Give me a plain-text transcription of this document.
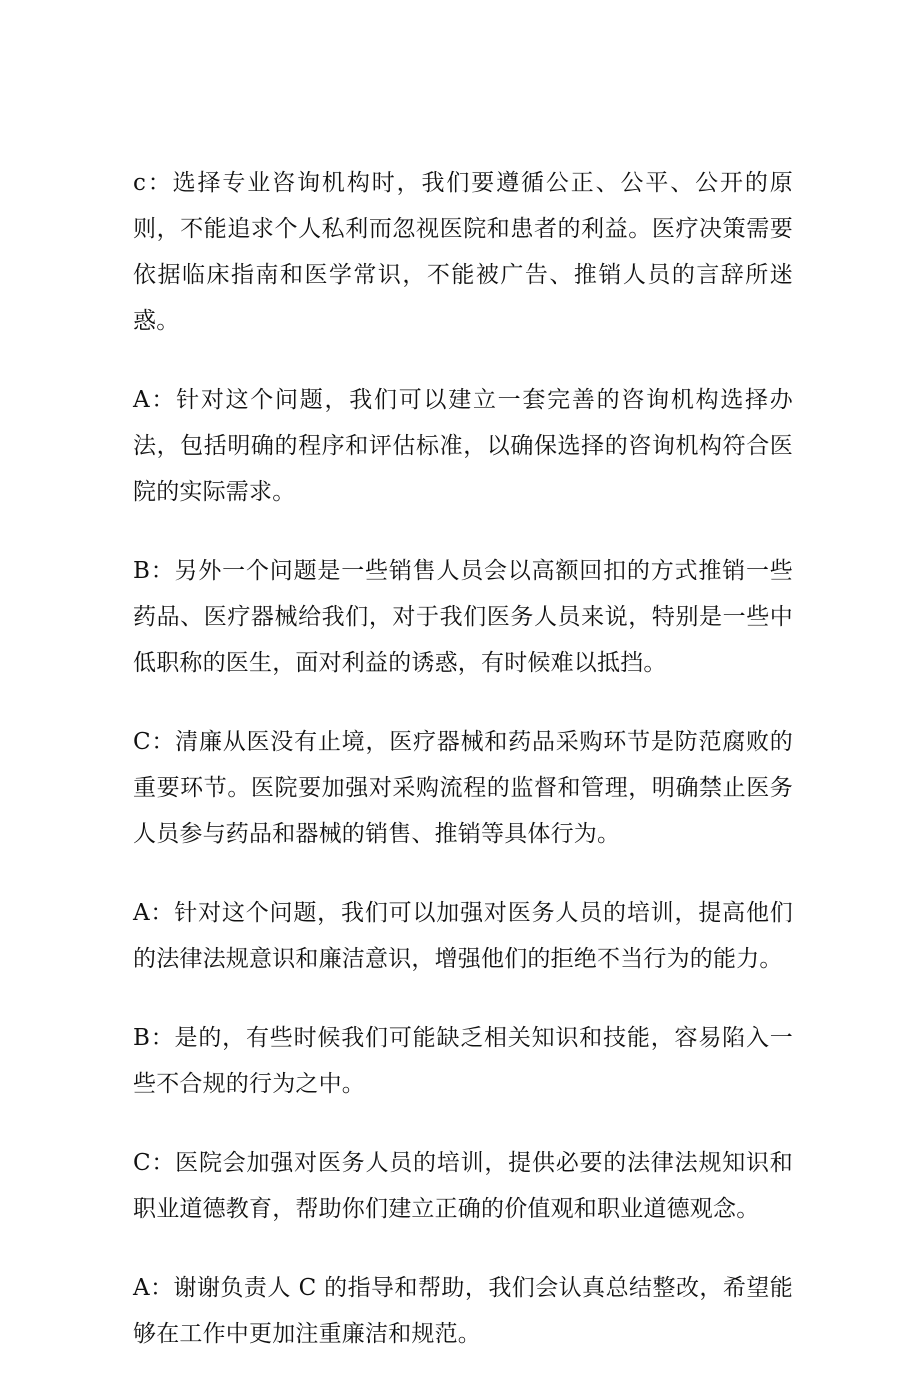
c：选择专业咨询机构时，我们要遵循公正、公平、公开的原则，不能追求个人私利而忽视医院和患者的利益。医疗决策需要依据临床指南和医学常识，不能被广告、推销人员的言辞所迷惑。

A：针对这个问题，我们可以建立一套完善的咨询机构选择办法，包括明确的程序和评估标准，以确保选择的咨询机构符合医院的实际需求。

B：另外一个问题是一些销售人员会以高额回扣的方式推销一些药品、医疗器械给我们，对于我们医务人员来说，特别是一些中低职称的医生，面对利益的诱惑，有时候难以抵挡。

C：清廉从医没有止境，医疗器械和药品采购环节是防范腐败的重要环节。医院要加强对采购流程的监督和管理，明确禁止医务人员参与药品和器械的销售、推销等具体行为。

A：针对这个问题，我们可以加强对医务人员的培训，提高他们的法律法规意识和廉洁意识，增强他们的拒绝不当行为的能力。

B：是的，有些时候我们可能缺乏相关知识和技能，容易陷入一些不合规的行为之中。

C：医院会加强对医务人员的培训，提供必要的法律法规知识和职业道德教育，帮助你们建立正确的价值观和职业道德观念。

A：谢谢负责人 C 的指导和帮助，我们会认真总结整改，希望能够在工作中更加注重廉洁和规范。
